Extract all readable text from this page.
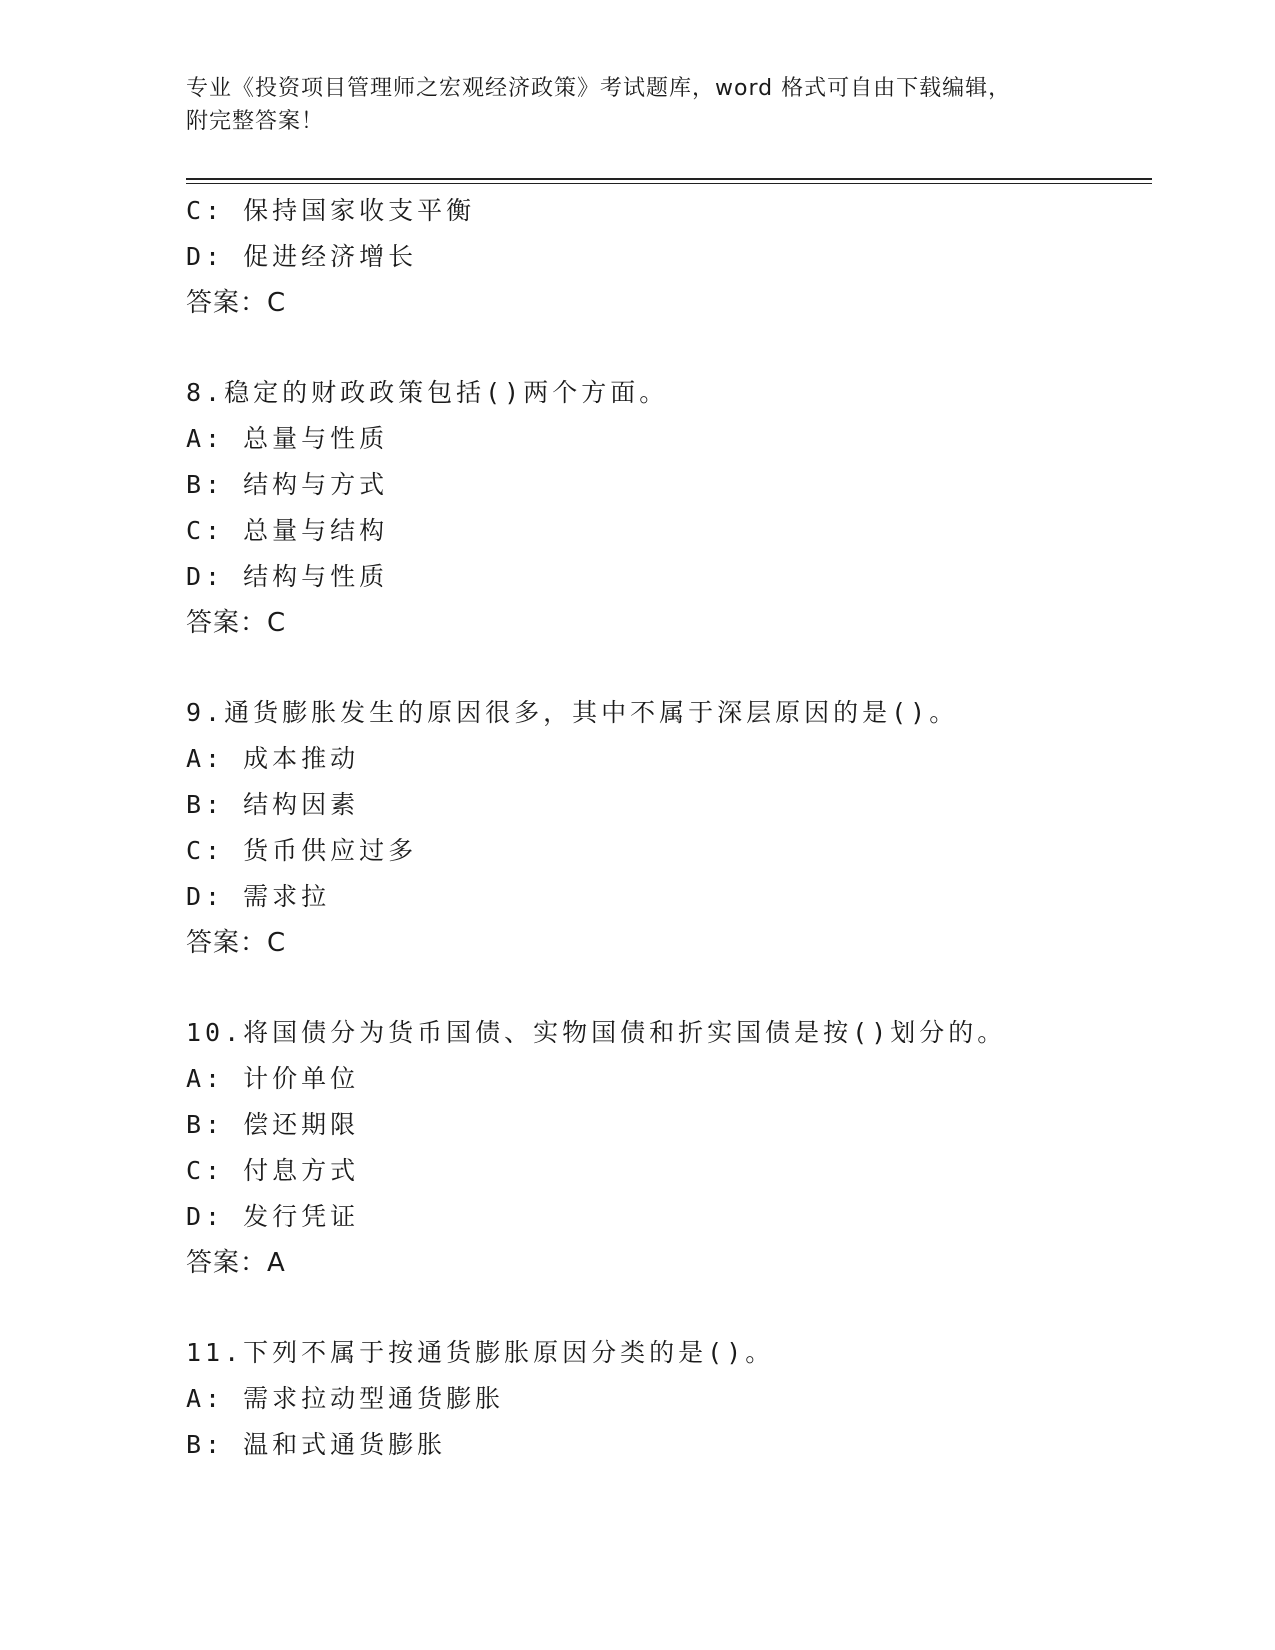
专业《投资项目管理师之宏观经济政策》考试题库，word 格式可自由下载编辑，
附完整答案！
C: 保持国家收支平衡
D: 促进经济增长
答案：C
8.稳定的财政政策包括()两个方面。
A: 总量与性质
B: 结构与方式
C: 总量与结构
D: 结构与性质
答案：C
9.通货膨胀发生的原因很多，其中不属于深层原因的是()。
A: 成本推动
B: 结构因素
C: 货币供应过多
D: 需求拉
答案：C
10.将国债分为货币国债、实物国债和折实国债是按()划分的。
A: 计价单位
B: 偿还期限
C: 付息方式
D: 发行凭证
答案：A
11.下列不属于按通货膨胀原因分类的是()。
A: 需求拉动型通货膨胀
B: 温和式通货膨胀
